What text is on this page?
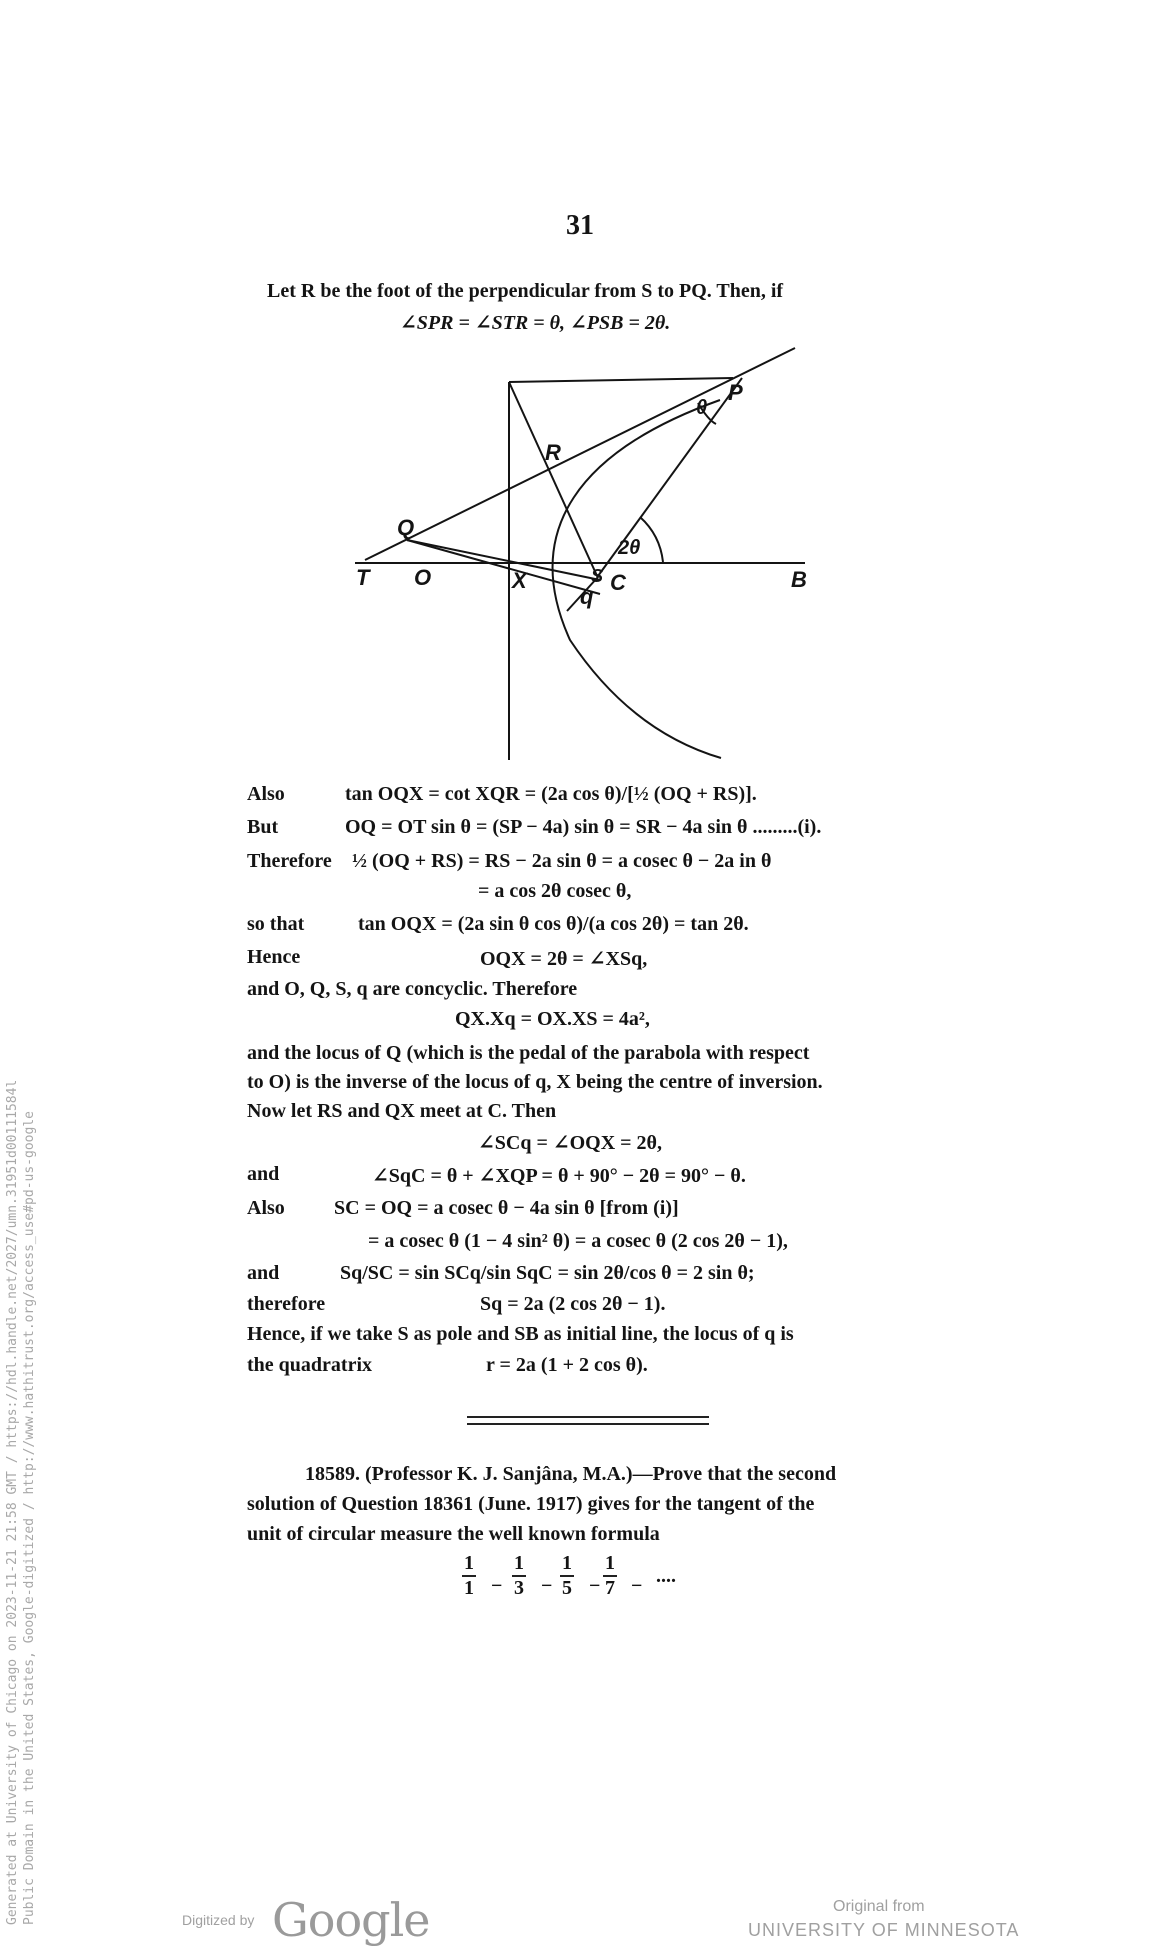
31
Let R be the foot of the perpendicular from S to PQ. Then, if
∠SPR = ∠STR = θ, ∠PSB = 2θ.
P
R
Q
T O	X	S C
q
B
θ
2θ
Also	tan OQX = cot XQR = (2a cos θ)/[½ (OQ + RS)].
But	OQ = OT sin θ = (SP − 4a) sin θ = SR − 4a sin θ .........(i).
Therefore ½ (OQ + RS) = RS − 2a sin θ = a cosec θ − 2a in θ
= a cos 2θ cosec θ,
so that	tan OQX = (2a sin θ cos θ)/(a cos 2θ) = tan 2θ.
Hence	OQX = 2θ = ∠XSq,
and O, Q, S, q are concyclic. Therefore
QX.Xq = OX.XS = 4a²,
and the locus of Q (which is the pedal of the parabola with respect
to O) is the inverse of the locus of q, X being the centre of inversion.
Now let RS and QX meet at C. Then
∠SCq = ∠OQX = 2θ,
and	∠SqC = θ + ∠XQP = θ + 90° − 2θ = 90° − θ.
Also SC = OQ = a cosec θ − 4a sin θ [from (i)]
= a cosec θ (1 − 4 sin² θ) = a cosec θ (2 cos 2θ − 1),
and	Sq/SC = sin SCq/sin SqC = sin 2θ/cos θ = 2 sin θ;
therefore	Sq = 2a (2 cos 2θ − 1).
Hence, if we take S as pole and SB as initial line, the locus of q is
the quadratrix	r = 2a (1 + 2 cos θ).
18589. (Professor K. J. Sanjâna, M.A.)—Prove that the second
solution of Question 18361 (June. 1917) gives for the tangent of the
unit of circular measure the well known formula
$\frac{1}{1} - \frac{1}{3} - \frac{1}{5} - \frac{1}{7}$ − ....
Generated at University of Chicago on 2023-11-21 21:58 GMT / https://hdl.handle.net/2027/umn.31951d00111584l Public Domain in the United States, Google-digitized / http://www.hathitrust.org/access_use#pd-us-google	Digitized by Google	Original from
UNIVERSITY OF MINNESOTA
